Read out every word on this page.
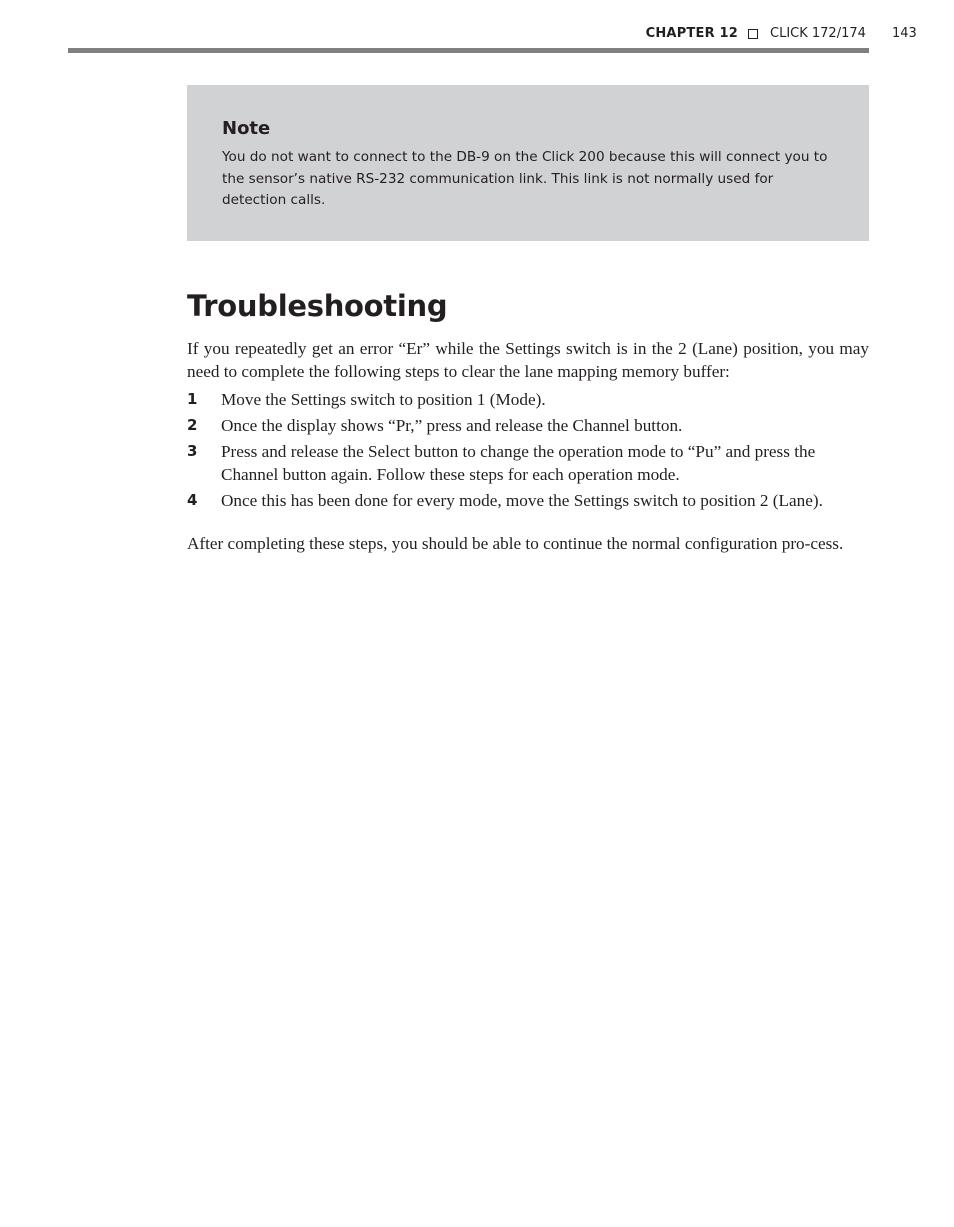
CHAPTER 12 CLICK 172/174 143
Note

You do not want to connect to the DB-9 on the Click 200 because this will connect you to the sensor’s native RS-232 communication link. This link is not normally used for detection calls.

Troubleshooting

If you repeatedly get an error “Er” while the Settings switch is in the 2 (Lane) position, you may need to complete the following steps to clear the lane mapping memory buffer:

1 Move the Settings switch to position 1 (Mode).
2 Once the display shows “Pr,” press and release the Channel button.
3 Press and release the Select button to change the operation mode to “Pu” and press the Channel button again. Follow these steps for each operation mode.
4 Once this has been done for every mode, move the Settings switch to position 2 (Lane).

After completing these steps, you should be able to continue the normal configuration pro-cess.
